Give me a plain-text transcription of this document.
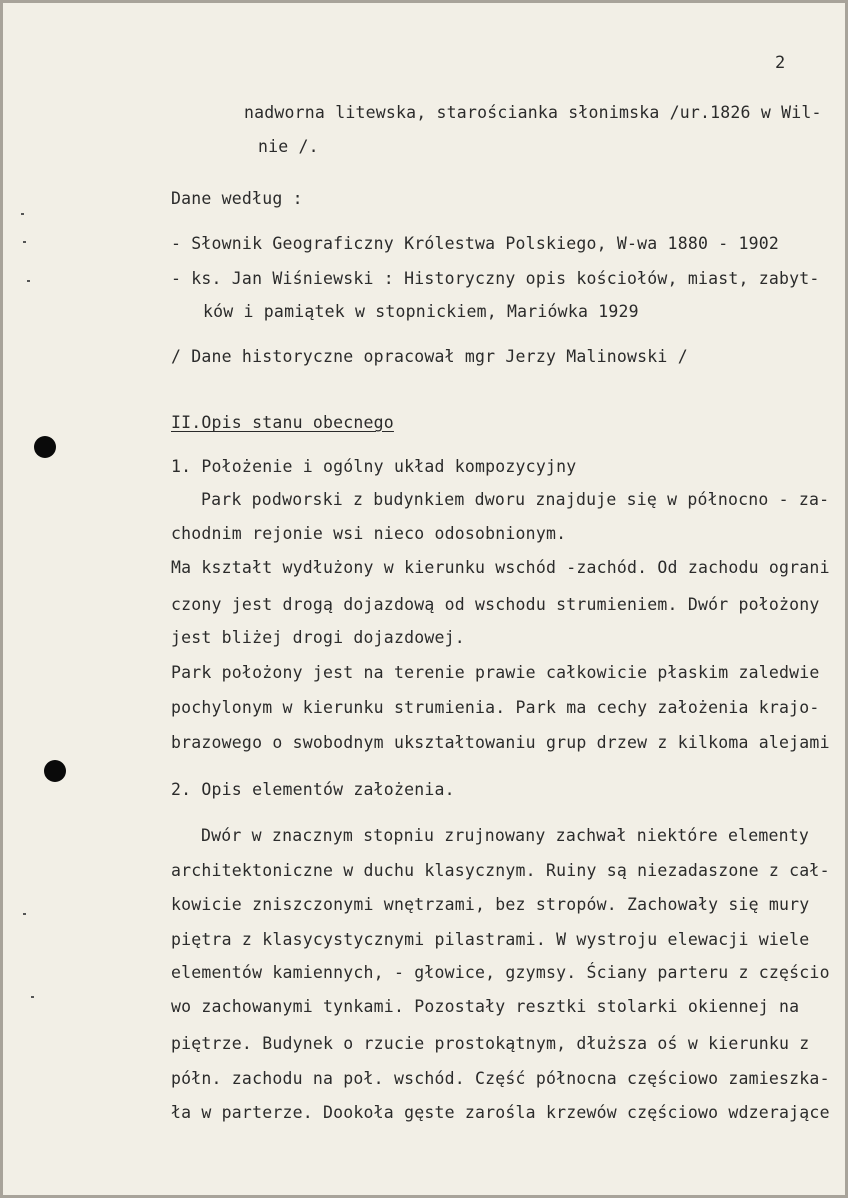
2
nadworna litewska, starościanka słonimska /ur.1826 w Wil-
nie /.
Dane według :
- Słownik Geograficzny Królestwa Polskiego, W-wa 1880 - 1902
- ks. Jan Wiśniewski : Historyczny opis kościołów, miast, zabyt-
ków i pamiątek w stopnickiem, Mariówka 1929
/ Dane historyczne opracował mgr Jerzy Malinowski /
II.Opis stanu obecnego
1. Położenie i ogólny układ kompozycyjny
Park podworski z budynkiem dworu znajduje się w północno - za-
chodnim rejonie wsi nieco odosobnionym.
Ma kształt wydłużony w kierunku wschód -zachód. Od zachodu ograni
czony jest drogą dojazdową od wschodu strumieniem. Dwór położony
jest bliżej drogi dojazdowej.
Park położony jest na terenie prawie całkowicie płaskim zaledwie
pochylonym w kierunku strumienia. Park ma cechy założenia krajo-
brazowego o swobodnym ukształtowaniu grup drzew z kilkoma alejami
2. Opis elementów założenia.
Dwór w znacznym stopniu zrujnowany zachwał niektóre elementy
architektoniczne w duchu klasycznym. Ruiny są niezadaszone z cał-
kowicie zniszczonymi wnętrzami, bez stropów. Zachowały się mury
piętra z klasycystycznymi pilastrami. W wystroju elewacji wiele
elementów kamiennych, - głowice, gzymsy. Ściany parteru z częścio
wo zachowanymi tynkami. Pozostały resztki stolarki okiennej na
piętrze. Budynek o rzucie prostokątnym, dłuższa oś w kierunku z
półn. zachodu na poł. wschód. Część północna częściowo zamieszka-
ła w parterze. Dookoła gęste zarośla krzewów częściowo wdzerające
